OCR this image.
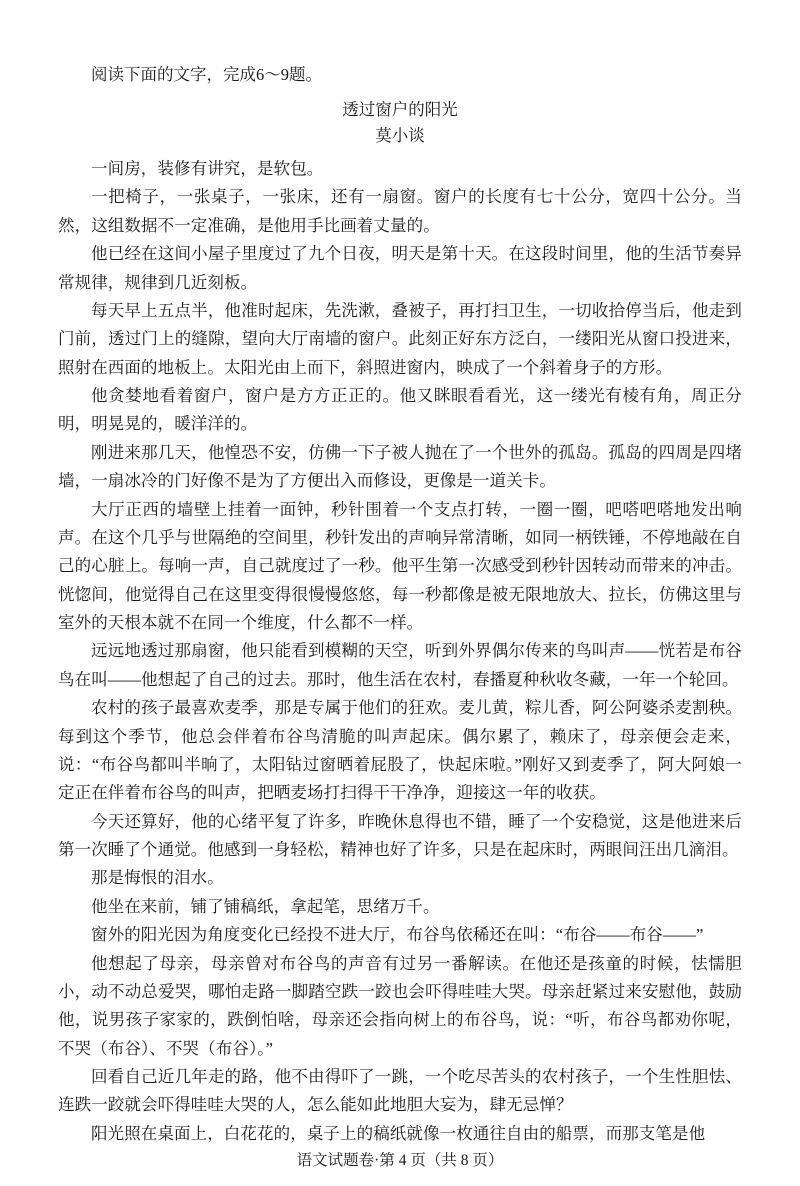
阅读下面的文字，完成6～9题。

透过窗户的阳光
莫小谈

一间房，装修有讲究，是软包。

一把椅子，一张桌子，一张床，还有一扇窗。窗户的长度有七十公分，宽四十公分。当然，这组数据不一定准确，是他用手比画着丈量的。

他已经在这间小屋子里度过了九个日夜，明天是第十天。在这段时间里，他的生活节奏异常规律，规律到几近刻板。

每天早上五点半，他准时起床，先洗漱，叠被子，再打扫卫生，一切收拾停当后，他走到门前，透过门上的缝隙，望向大厅南墙的窗户。此刻正好东方泛白，一缕阳光从窗口投进来，照射在西面的地板上。太阳光由上而下，斜照进窗内，映成了一个斜着身子的方形。

他贪婪地看着窗户，窗户是方方正正的。他又眯眼看看光，这一缕光有棱有角，周正分明，明晃晃的，暖洋洋的。

刚进来那几天，他惶恐不安，仿佛一下子被人抛在了一个世外的孤岛。孤岛的四周是四堵墙，一扇冰冷的门好像不是为了方便出入而修设，更像是一道关卡。

大厅正西的墙壁上挂着一面钟，秒针围着一个支点打转，一圈一圈，吧嗒吧嗒地发出响声。在这个几乎与世隔绝的空间里，秒针发出的声响异常清晰，如同一柄铁锤，不停地敲在自己的心脏上。每响一声，自己就度过了一秒。他平生第一次感受到秒针因转动而带来的冲击。恍惚间，他觉得自己在这里变得很慢慢悠悠，每一秒都像是被无限地放大、拉长，仿佛这里与室外的天根本就不在同一个维度，什么都不一样。

远远地透过那扇窗，他只能看到模糊的天空，听到外界偶尔传来的鸟叫声——恍若是布谷鸟在叫——他想起了自己的过去。那时，他生活在农村，春播夏种秋收冬藏，一年一个轮回。

农村的孩子最喜欢麦季，那是专属于他们的狂欢。麦儿黄，粽儿香，阿公阿婆杀麦割秧。每到这个季节，他总会伴着布谷鸟清脆的叫声起床。偶尔累了，赖床了，母亲便会走来，说：“布谷鸟都叫半晌了，太阳钻过窗晒着屁股了，快起床啦。”刚好又到麦季了，阿大阿娘一定正在伴着布谷鸟的叫声，把晒麦场打扫得干干净净，迎接这一年的收获。

今天还算好，他的心绪平复了许多，昨晚休息得也不错，睡了一个安稳觉，这是他进来后第一次睡了个通觉。他感到一身轻松，精神也好了许多，只是在起床时，两眼间汪出几滴泪。

那是悔恨的泪水。

他坐在来前，铺了铺稿纸，拿起笔，思绪万千。

窗外的阳光因为角度变化已经投不进大厅，布谷鸟依稀还在叫：“布谷——布谷——”

他想起了母亲，母亲曾对布谷鸟的声音有过另一番解读。在他还是孩童的时候，怯懦胆小，动不动总爱哭，哪怕走路一脚踏空跌一跤也会吓得哇哇大哭。母亲赶紧过来安慰他，鼓励他，说男孩子家家的，跌倒怕啥，母亲还会指向树上的布谷鸟，说：“听，布谷鸟都劝你呢，不哭（布谷）、不哭（布谷）。”

回看自己近几年走的路，他不由得吓了一跳，一个吃尽苦头的农村孩子，一个生性胆怯、连跌一跤就会吓得哇哇大哭的人，怎么能如此地胆大妄为，肆无忌惮？

阳光照在桌面上，白花花的，桌子上的稿纸就像一枚通往自由的船票，而那支笔是他

语文试题卷·第 4 页（共 8 页）
